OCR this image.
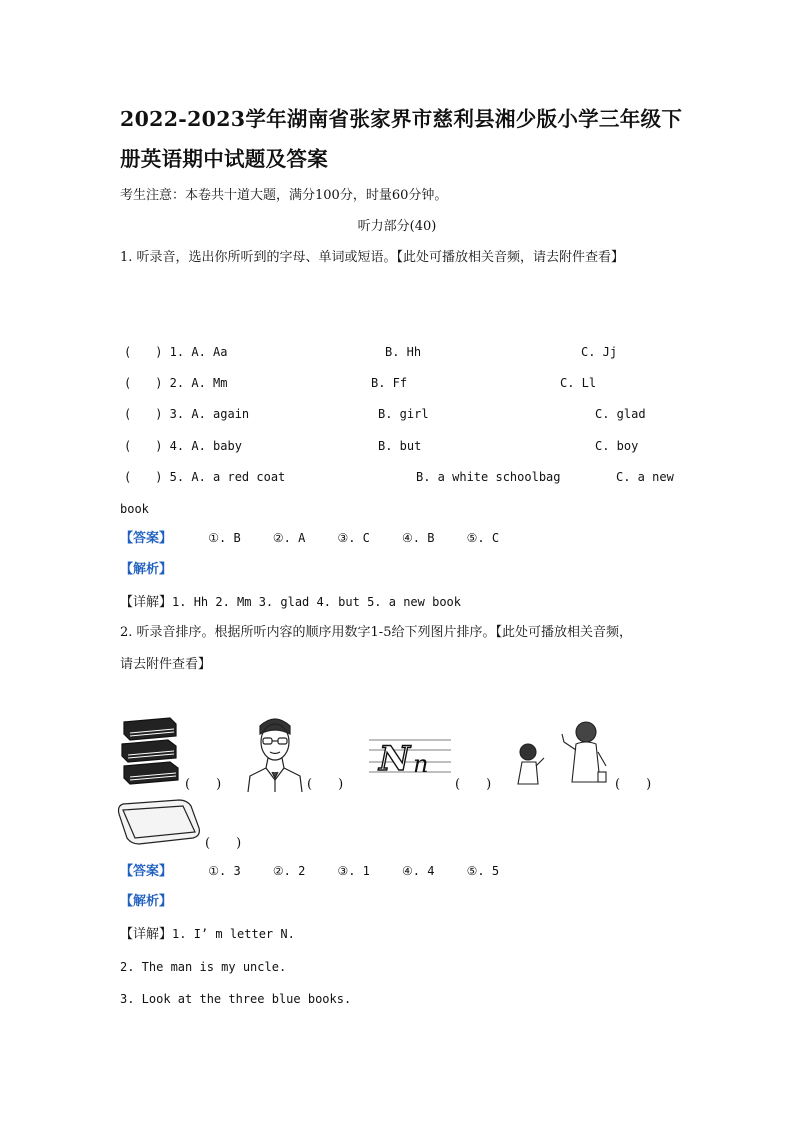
2022-2023学年湖南省张家界市慈利县湘少版小学三年级下
册英语期中试题及答案
考生注意：本卷共十道大题，满分100分，时量60分钟。
听力部分(40)
1. 听录音，选出你所听到的字母、单词或短语。【此处可播放相关音频，请去附件查看】
(　　) 1. A. Aa	B. Hh	C. Jj
(　　) 2. A. Mm	B. Ff	C. Ll
(　　) 3. A. again	B. girl	C. glad
(　　) 4. A. baby	B. but	C. boy
(　　) 5. A. a red coat	B. a white schoolbag	C. a new
book
【答案】	①. B	②. A	③. C	④. B	⑤. C
【解析】
【详解】1. Hh 2. Mm 3. glad 4. but 5. a new book
2. 听录音排序。根据所听内容的顺序用数字1-5给下列图片排序。【此处可播放相关音频，
请去附件查看】
(　　)	(　　)
N n
(　　)	(　　)
(　　)
【答案】	①. 3	②. 2	③. 1	④. 4	⑤. 5
【解析】
【详解】1. I’ m letter N.
2. The man is my uncle.
3. Look at the three blue books.
